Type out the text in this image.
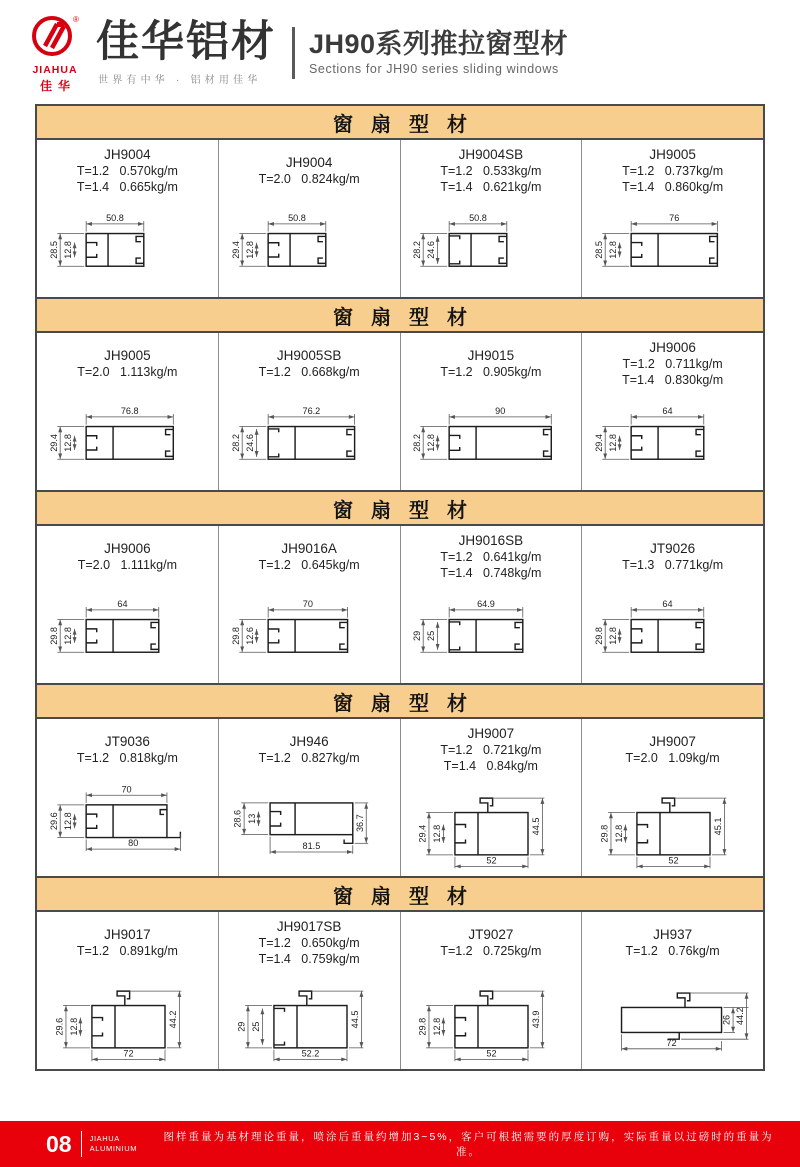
®
JIAHUA
佳华
佳华铝材
世界有中华 · 铝材用佳华
JH90系列推拉窗型材
Sections for JH90 series sliding windows
窗扇型材
JH9004
T=1.2   0.570kg/m
T=1.4   0.665kg/m
50.8
28.5 12.8
JH9004
T=2.0   0.824kg/m
50.8
29.4 12.8
JH9004SB
T=1.2   0.533kg/m
T=1.4   0.621kg/m
50.8
28.2 24.6
JH9005
T=1.2   0.737kg/m
T=1.4   0.860kg/m
76
28.5 12.8
窗扇型材
JH9005
T=2.0   1.113kg/m
76.8
29.4 12.8
JH9005SB
T=1.2   0.668kg/m
76.2
28.2 24.6
JH9015
T=1.2   0.905kg/m
90
28.2 12.8
JH9006
T=1.2   0.711kg/m
T=1.4   0.830kg/m
64
29.4 12.8
窗扇型材
JH9006
T=2.0   1.111kg/m
64
29.8 12.8
JH9016A
T=1.2   0.645kg/m
70
29.8 12.6
JH9016SB
T=1.2   0.641kg/m
T=1.4   0.748kg/m
64.9
29 25
JT9026
T=1.3   0.771kg/m
64
29.8 12.8
窗扇型材
JT9036
T=1.2   0.818kg/m
70
29.6 12.8
80
JH946
T=1.2   0.827kg/m
28.6 13	36.7
81.5
JH9007
T=1.2   0.721kg/m
T=1.4   0.84kg/m
29.4 12.8	44.5
52
JH9007
T=2.0   1.09kg/m
29.8 12.8	45.1
52
窗扇型材
JH9017
T=1.2   0.891kg/m
29.6 12.8	44.2
72
JH9017SB
T=1.2   0.650kg/m
T=1.4   0.759kg/m
29 25	44.5
52.2
JT9027
T=1.2   0.725kg/m
29.8 12.8	43.9
52
JH937
T=1.2   0.76kg/m
26 44.2
72
08 JIAHUA
ALUMINIUM
图样重量为基材理论重量，喷涂后重量约增加3~5%，客户可根据需要的厚度订购，实际重量以过磅时的重量为准。
